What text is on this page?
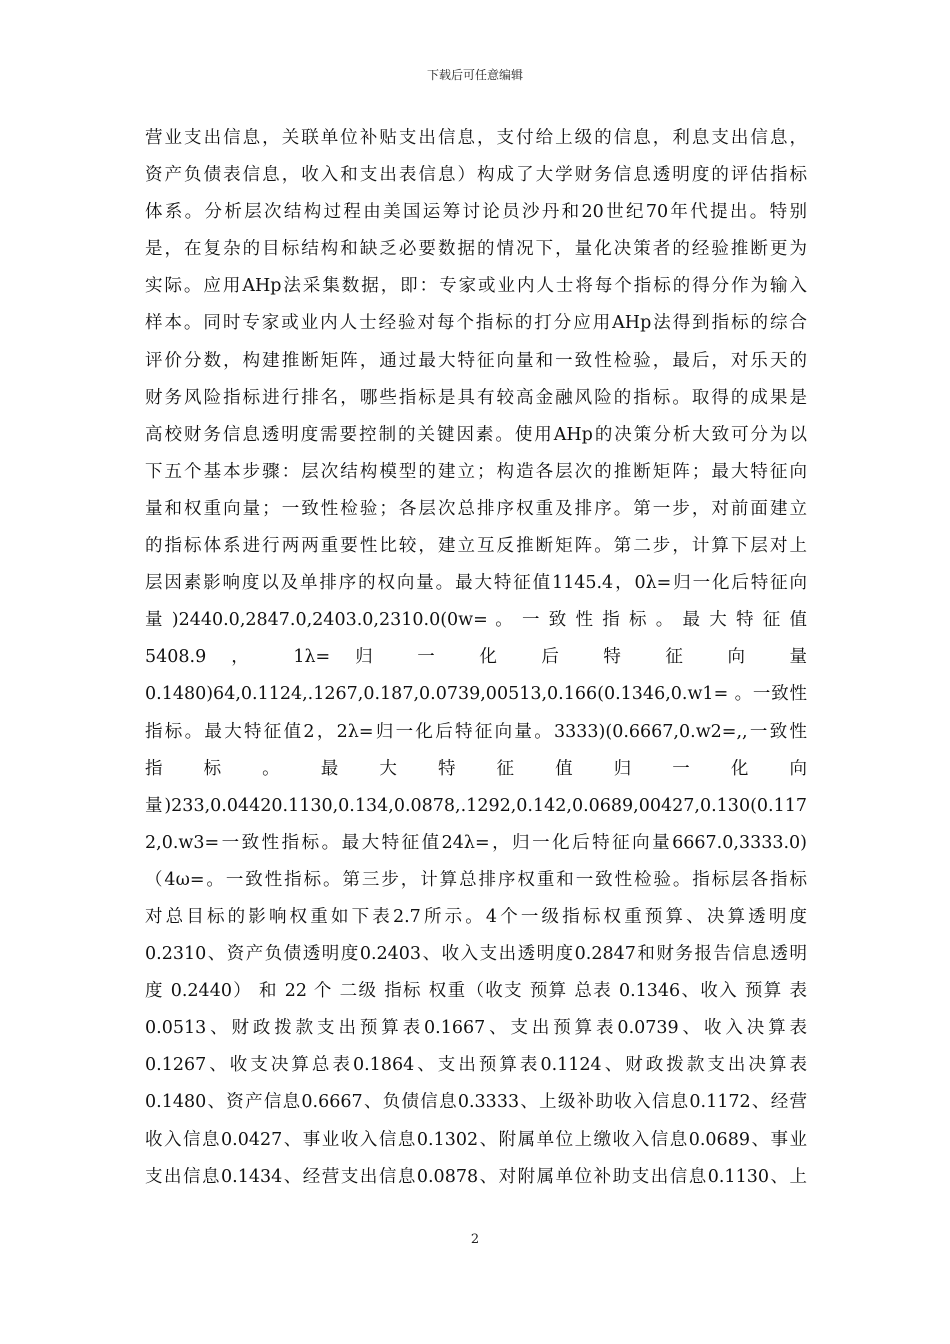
下载后可任意编辑
营业支出信息，关联单位补贴支出信息，支付给上级的信息，利息支出信息，
资产负债表信息，收入和支出表信息）构成了大学财务信息透明度的评估指标
体系。分析层次结构过程由美国运筹讨论员沙丹和20世纪70年代提出。特别
是，在复杂的目标结构和缺乏必要数据的情况下，量化决策者的经验推断更为
实际。应用AHp法采集数据，即：专家或业内人士将每个指标的得分作为输入
样本。同时专家或业内人士经验对每个指标的打分应用AHp法得到指标的综合
评价分数，构建推断矩阵，通过最大特征向量和一致性检验，最后，对乐天的
财务风险指标进行排名，哪些指标是具有较高金融风险的指标。取得的成果是
高校财务信息透明度需要控制的关键因素。使用AHp的决策分析大致可分为以
下五个基本步骤：层次结构模型的建立；构造各层次的推断矩阵；最大特征向
量和权重向量；一致性检验；各层次总排序权重及排序。第一步，对前面建立
的指标体系进行两两重要性比较，建立互反推断矩阵。第二步，计算下层对上
层因素影响度以及单排序的权向量。最大特征值1145.4，0λ=归一化后特征向
量 )2440.0,2847.0,2403.0,2310.0(0w= 。 一 致 性 指 标 。 最 大 特 征 值
5408.9 ， 1λ= 归 一 化 后 特 征 向 量
0.1480)64,0.1124,.1267,0.187,0.0739,00513,0.166(0.1346,0.w1= 。一致性
指标。最大特征值2，2λ=归一化后特征向量。3333)(0.6667,0.w2=,,一致性
指 标 。 最 大 特 征 值 归 一 化 向
量)233,0.04420.1130,0.134,0.0878,.1292,0.142,0.0689,00427,0.130(0.117
2,0.w3=一致性指标。最大特征值24λ=，归一化后特征向量6667.0,3333.0)
（4ω=。一致性指标。第三步，计算总排序权重和一致性检验。指标层各指标
对总目标的影响权重如下表2.7所示。4个一级指标权重预算、决算透明度
0.2310、资产负债透明度0.2403、收入支出透明度0.2847和财务报告信息透明
度 0.2440） 和 22 个 二级 指标 权重（收支 预算 总表 0.1346、收入 预算 表
0.0513、财政拨款支出预算表0.1667、支出预算表0.0739、收入决算表
0.1267、收支决算总表0.1864、支出预算表0.1124、财政拨款支出决算表
0.1480、资产信息0.6667、负债信息0.3333、上级补助收入信息0.1172、经营
收入信息0.0427、事业收入信息0.1302、附属单位上缴收入信息0.0689、事业
支出信息0.1434、经营支出信息0.0878、对附属单位补助支出信息0.1130、上
2
